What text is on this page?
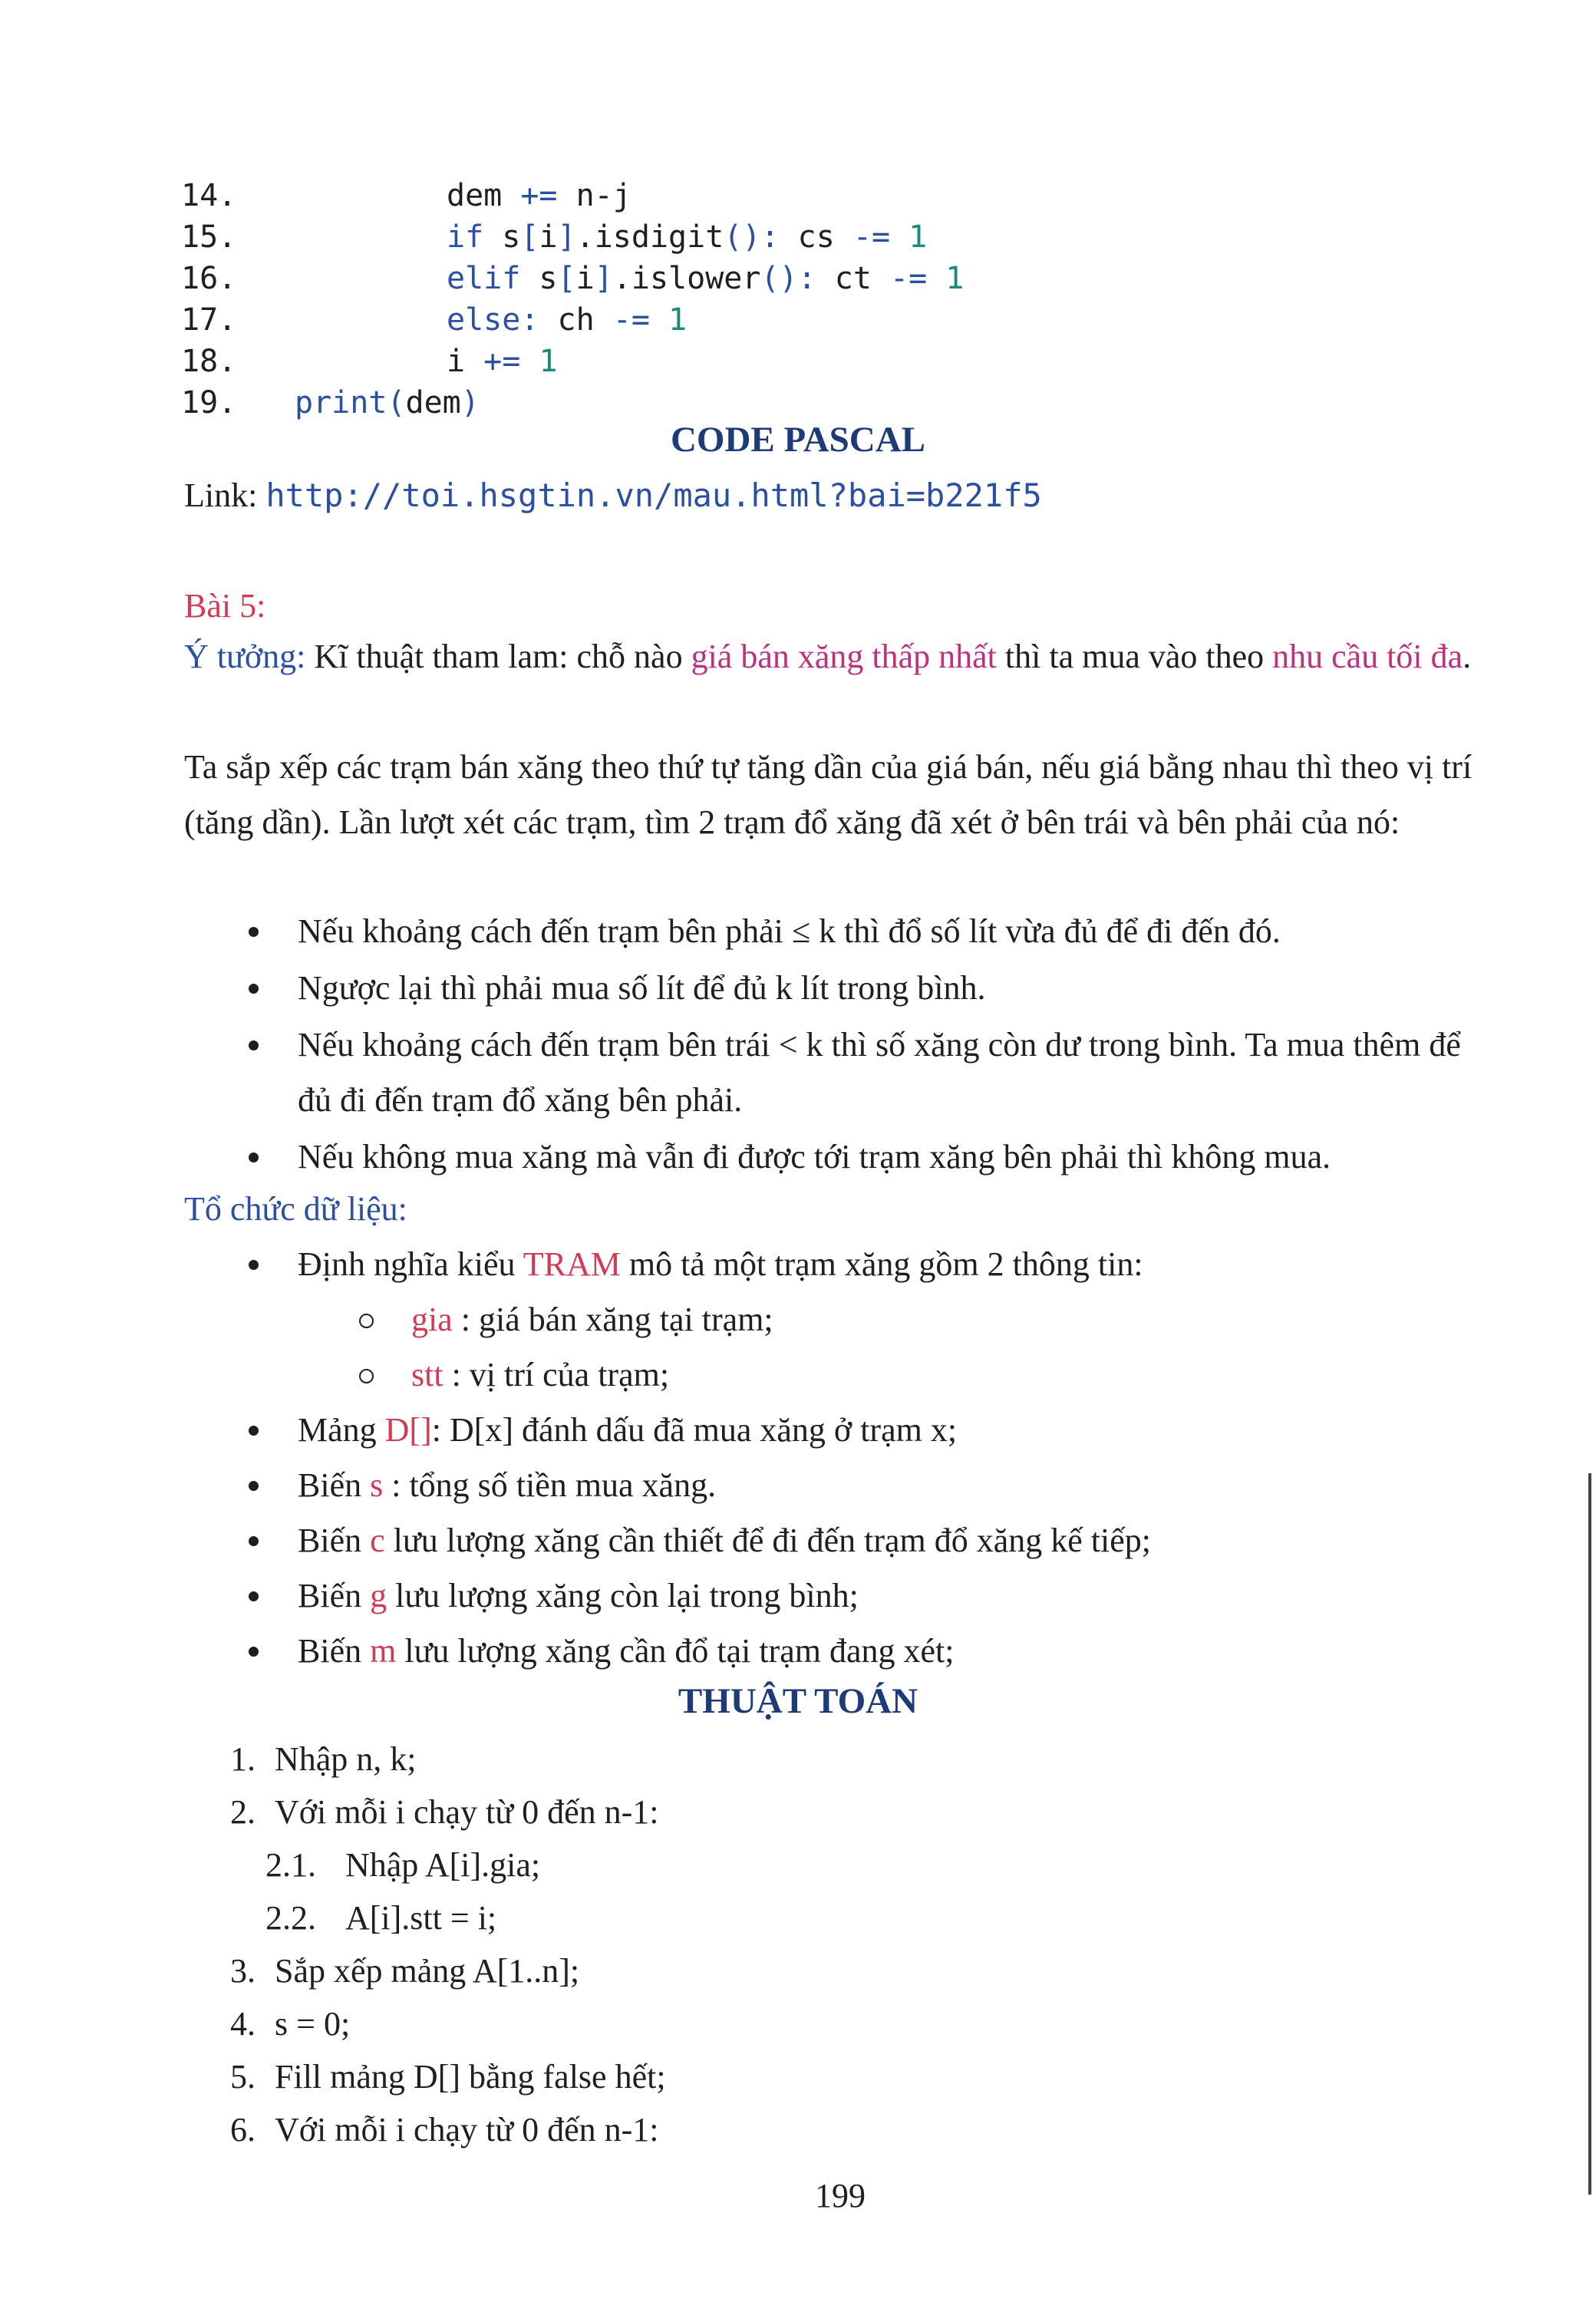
14.	dem += n-j
15.	if s[i].isdigit(): cs -= 1
16.	elif s[i].islower(): ct -= 1
17.	else: ch -= 1
18.	i += 1
19. print(dem)
CODE PASCAL
Link: http://toi.hsgtin.vn/mau.html?bai=b221f5
Bài 5:
Ý tưởng: Kĩ thuật tham lam: chỗ nào giá bán xăng thấp nhất thì ta mua vào theo nhu cầu tối đa.
Ta sắp xếp các trạm bán xăng theo thứ tự tăng dần của giá bán, nếu giá bằng nhau thì theo vị trí (tăng dần). Lần lượt xét các trạm, tìm 2 trạm đổ xăng đã xét ở bên trái và bên phải của nó:
Nếu khoảng cách đến trạm bên phải ≤ k thì đổ số lít vừa đủ để đi đến đó.
Ngược lại thì phải mua số lít để đủ k lít trong bình.
Nếu khoảng cách đến trạm bên trái < k thì số xăng còn dư trong bình. Ta mua thêm để đủ đi đến trạm đổ xăng bên phải.
Nếu không mua xăng mà vẫn đi được tới trạm xăng bên phải thì không mua.
Tổ chức dữ liệu:
Định nghĩa kiểu TRAM mô tả một trạm xăng gồm 2 thông tin:
gia : giá bán xăng tại trạm;
stt : vị trí của trạm;
Mảng D[]: D[x] đánh dấu đã mua xăng ở trạm x;
Biến s : tổng số tiền mua xăng.
Biến c lưu lượng xăng cần thiết để đi đến trạm đổ xăng kế tiếp;
Biến g lưu lượng xăng còn lại trong bình;
Biến m lưu lượng xăng cần đổ tại trạm đang xét;
THUẬT TOÁN
1. Nhập n, k;
2. Với mỗi i chạy từ 0 đến n-1:
2.1. Nhập A[i].gia;
2.2. A[i].stt = i;
3. Sắp xếp mảng A[1..n];
4. s = 0;
5. Fill mảng D[] bằng false hết;
6. Với mỗi i chạy từ 0 đến n-1:
199
